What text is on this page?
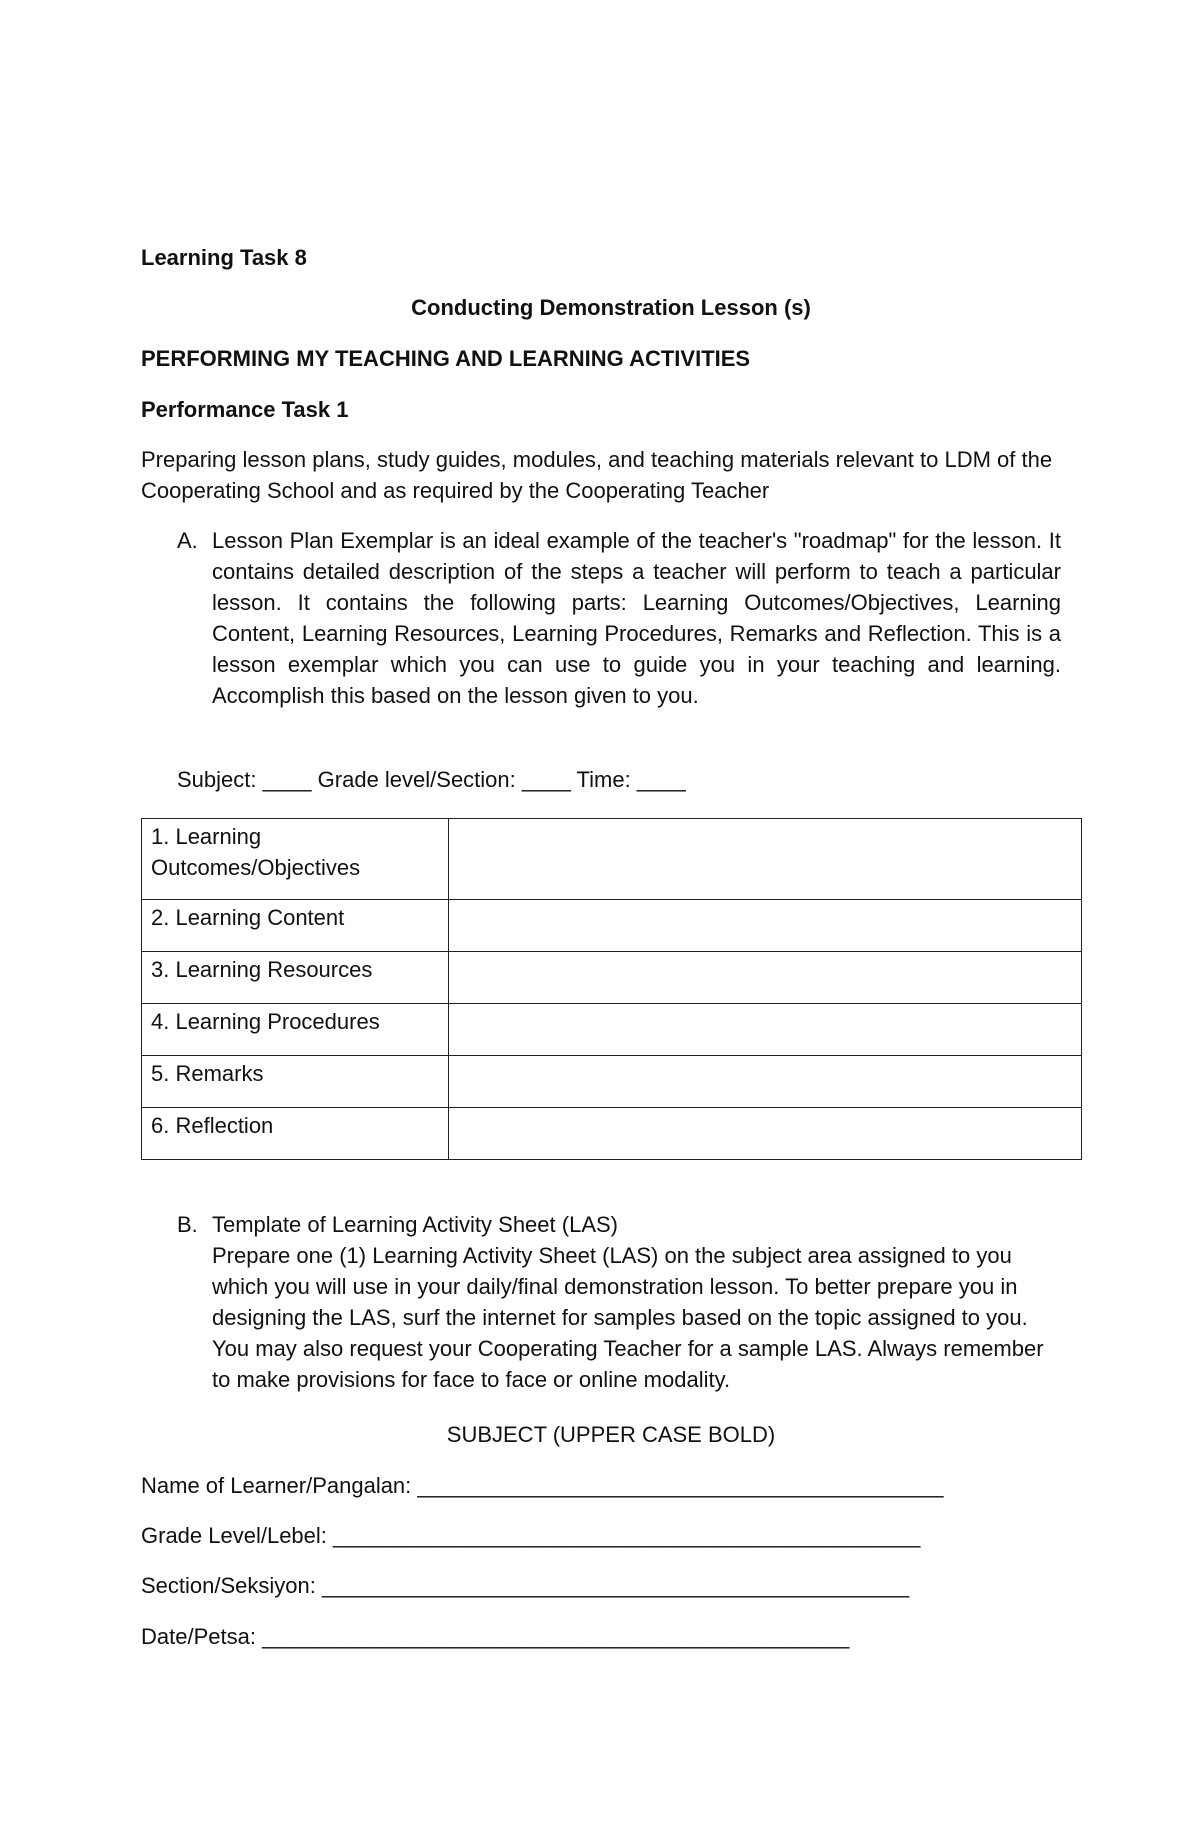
Learning Task 8
Conducting Demonstration Lesson (s)
PERFORMING MY TEACHING AND LEARNING ACTIVITIES
Performance Task 1
Preparing lesson plans, study guides, modules, and teaching materials relevant to LDM of the Cooperating School and as required by the Cooperating Teacher
A. Lesson Plan Exemplar is an ideal example of the teacher's "roadmap" for the lesson. It contains detailed description of the steps a teacher will perform to teach a particular lesson. It contains the following parts: Learning Outcomes/Objectives, Learning Content, Learning Resources, Learning Procedures, Remarks and Reflection. This is a lesson exemplar which you can use to guide you in your teaching and learning. Accomplish this based on the lesson given to you.
Subject: ____ Grade level/Section: ____ Time: ____
1. Learning Outcomes/Objectives	
2. Learning Content	
3. Learning Resources	
4. Learning Procedures	
5. Remarks	
6. Reflection	
B. Template of Learning Activity Sheet (LAS)
Prepare one (1) Learning Activity Sheet (LAS) on the subject area assigned to you which you will use in your daily/final demonstration lesson. To better prepare you in designing the LAS, surf the internet for samples based on the topic assigned to you. You may also request your Cooperating Teacher for a sample LAS. Always remember to make provisions for face to face or online modality.
SUBJECT (UPPER CASE BOLD)
Name of Learner/Pangalan: ___________________________________________
Grade Level/Lebel: ________________________________________________
Section/Seksiyon: ________________________________________________
Date/Petsa: ________________________________________________
